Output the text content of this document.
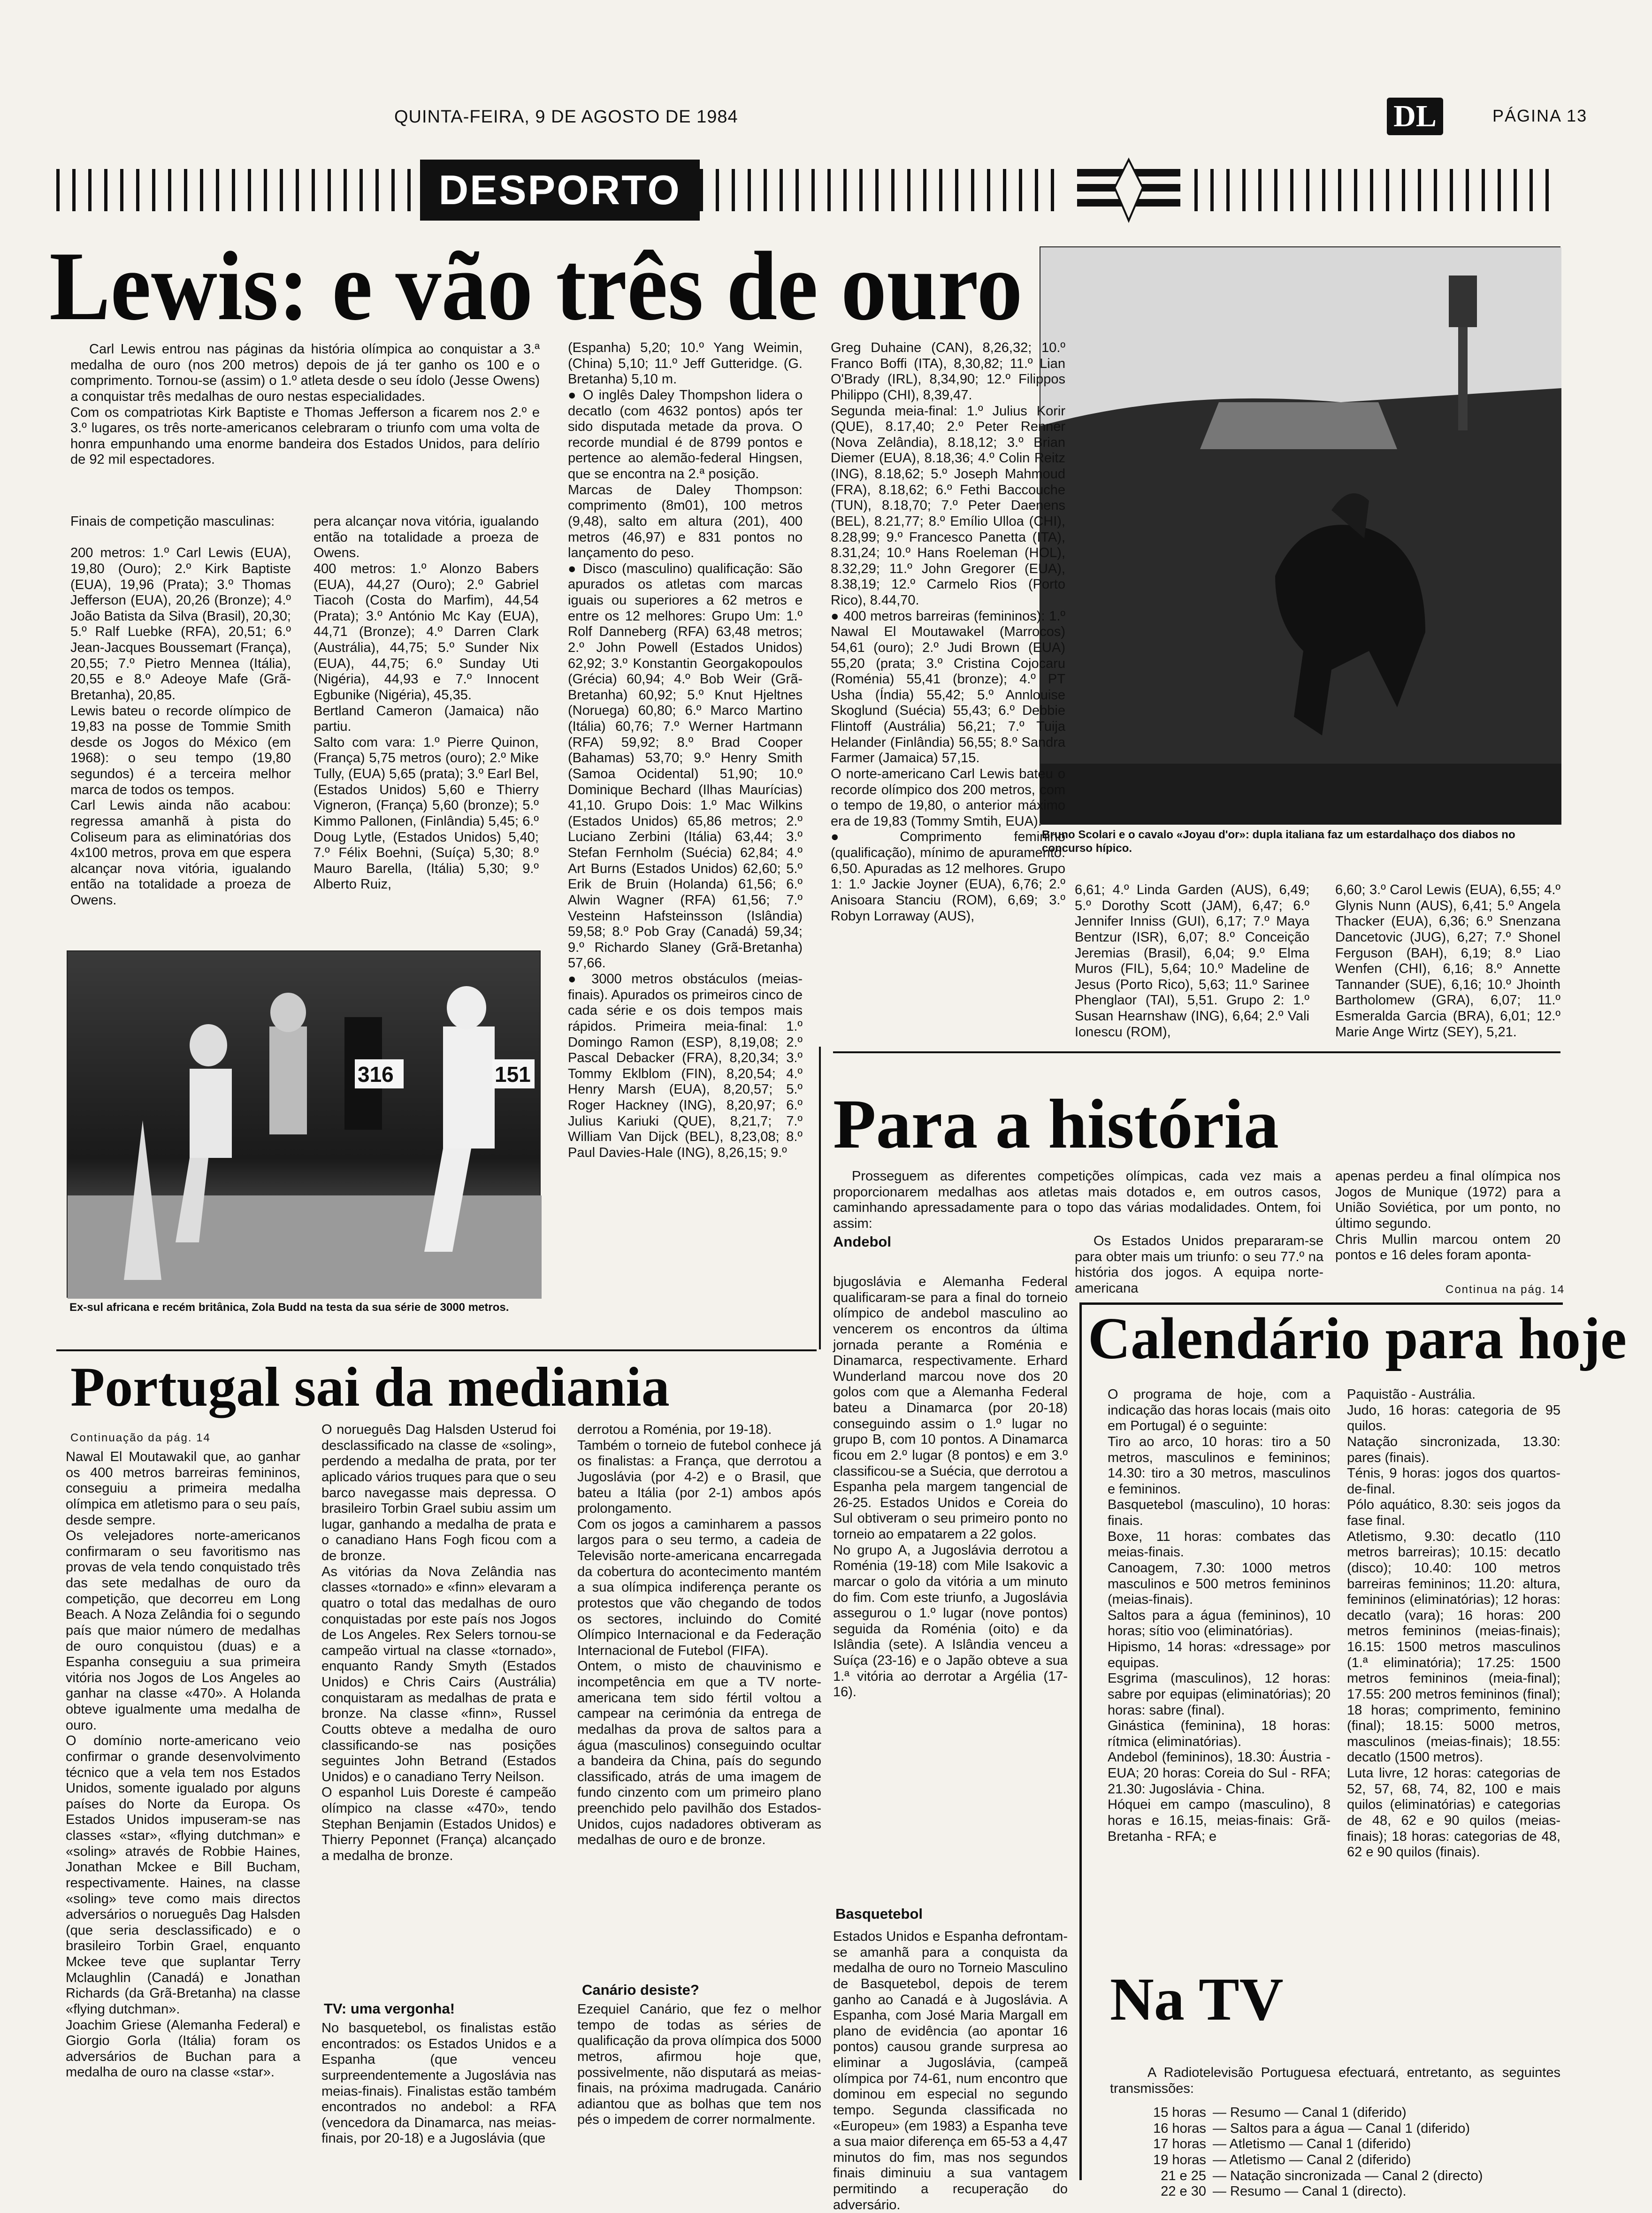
QUINTA-FEIRA, 9 DE AGOSTO DE 1984	DL	PÁGINA 13
DESPORTO
Lewis: e vão três de ouro
Bruno Scolari e o cavalo «Joyau d'or»: dupla italiana faz um estardalhaço dos diabos no concurso hípico.
Carl Lewis entrou nas páginas da história olímpica ao conquistar a 3.ª medalha de ouro (nos 200 metros) depois de já ter ganho os 100 e o comprimento. Tornou-se (assim) o 1.º atleta desde o seu ídolo (Jesse Owens) a conquistar três medalhas de ouro nestas especialidades.
Com os compatriotas Kirk Baptiste e Thomas Jefferson a ficarem nos 2.º e 3.º lugares, os três norte-americanos celebraram o triunfo com uma volta de honra empunhando uma enorme bandeira dos Estados Unidos, para delírio de 92 mil espectadores.
Finais de competição masculinas:

200 metros: 1.º Carl Lewis (EUA), 19,80 (Ouro); 2.º Kirk Baptiste (EUA), 19,96 (Prata); 3.º Thomas Jefferson (EUA), 20,26 (Bronze); 4.º João Batista da Silva (Brasil), 20,30; 5.º Ralf Luebke (RFA), 20,51; 6.º Jean-Jacques Boussemart (França), 20,55; 7.º Pietro Mennea (Itália), 20,55 e 8.º Adeoye Mafe (Grã-Bretanha), 20,85.
Lewis bateu o recorde olímpico de 19,83 na posse de Tommie Smith desde os Jogos do México (em 1968): o seu tempo (19,80 segundos) é a terceira melhor marca de todos os tempos.
Carl Lewis ainda não acabou: regressa amanhã à pista do Coliseum para as eliminatórias dos 4x100 metros, prova em que espera alcançar nova vitória, igualando então na totalidade a proeza de Owens.
pera alcançar nova vitória, igualando então na totalidade a proeza de Owens.
400 metros: 1.º Alonzo Babers (EUA), 44,27 (Ouro); 2.º Gabriel Tiacoh (Costa do Marfim), 44,54 (Prata); 3.º António Mc Kay (EUA), 44,71 (Bronze); 4.º Darren Clark (Austrália), 44,75; 5.º Sunder Nix (EUA), 44,75; 6.º Sunday Uti (Nigéria), 44,93 e 7.º Innocent Egbunike (Nigéria), 45,35.
Bertland Cameron (Jamaica) não partiu.
Salto com vara: 1.º Pierre Quinon, (França) 5,75 metros (ouro); 2.º Mike Tully, (EUA) 5,65 (prata); 3.º Earl Bel, (Estados Unidos) 5,60 e Thierry Vigneron, (França) 5,60 (bronze); 5.º Kimmo Pallonen, (Finlândia) 5,45; 6.º Doug Lytle, (Estados Unidos) 5,40; 7.º Félix Boehni, (Suíça) 5,30; 8.º Mauro Barella, (Itália) 5,30; 9.º Alberto Ruiz,
(Espanha) 5,20; 10.º Yang Weimin, (China) 5,10; 11.º Jeff Gutteridge. (G. Bretanha) 5,10 m.
● O inglês Daley Thompshon lidera o decatlo (com 4632 pontos) após ter sido disputada metade da prova. O recorde mundial é de 8799 pontos e pertence ao alemão-federal Hingsen, que se encontra na 2.ª posição.
Marcas de Daley Thompson: comprimento (8m01), 100 metros (9,48), salto em altura (201), 400 metros (46,97) e 831 pontos no lançamento do peso.
● Disco (masculino) qualificação: São apurados os atletas com marcas iguais ou superiores a 62 metros e entre os 12 melhores: Grupo Um: 1.º Rolf Danneberg (RFA) 63,48 metros; 2.º John Powell (Estados Unidos) 62,92; 3.º Konstantin Georgakopoulos (Grécia) 60,94; 4.º Bob Weir (Grã-Bretanha) 60,92; 5.º Knut Hjeltnes (Noruega) 60,80; 6.º Marco Martino (Itália) 60,76; 7.º Werner Hartmann (RFA) 59,92; 8.º Brad Cooper (Bahamas) 53,70; 9.º Henry Smith (Samoa Ocidental) 51,90; 10.º Dominique Bechard (Ilhas Maurícias) 41,10. Grupo Dois: 1.º Mac Wilkins (Estados Unidos) 65,86 metros; 2.º Luciano Zerbini (Itália) 63,44; 3.º Stefan Fernholm (Suécia) 62,84; 4.º Art Burns (Estados Unidos) 62,60; 5.º Erik de Bruin (Holanda) 61,56; 6.º Alwin Wagner (RFA) 61,56; 7.º Vesteinn Hafsteinsson (Islândia) 59,58; 8.º Pob Gray (Canadá) 59,34; 9.º Richardo Slaney (Grã-Bretanha) 57,66.
● 3000 metros obstáculos (meias-finais). Apurados os primeiros cinco de cada série e os dois tempos mais rápidos. Primeira meia-final: 1.º Domingo Ramon (ESP), 8,19,08; 2.º Pascal Debacker (FRA), 8,20,34; 3.º Tommy Eklblom (FIN), 8,20,54; 4.º Henry Marsh (EUA), 8,20,57; 5.º Roger Hackney (ING), 8,20,97; 6.º Julius Kariuki (QUE), 8,21,7; 7.º William Van Dijck (BEL), 8,23,08; 8.º Paul Davies-Hale (ING), 8,26,15; 9.º
Greg Duhaine (CAN), 8,26,32; 10.º Franco Boffi (ITA), 8,30,82; 11.º Lian O'Brady (IRL), 8,34,90; 12.º Filippos Philippo (CHI), 8,39,47.
Segunda meia-final: 1.º Julius Korir (QUE), 8.17,40; 2.º Peter Renner (Nova Zelândia), 8.18,12; 3.º Brian Diemer (EUA), 8.18,36; 4.º Colin Reitz (ING), 8.18,62; 5.º Joseph Mahmoud (FRA), 8.18,62; 6.º Fethi Baccouche (TUN), 8.18,70; 7.º Peter Daenens (BEL), 8.21,77; 8.º Emílio Ulloa (CHI), 8.28,99; 9.º Francesco Panetta (ITA), 8.31,24; 10.º Hans Roeleman (HOL), 8.32,29; 11.º John Gregorer (EUA), 8.38,19; 12.º Carmelo Rios (Porto Rico), 8.44,70.
● 400 metros barreiras (femininos): 1.º Nawal El Moutawakel (Marrocos) 54,61 (ouro); 2.º Judi Brown (EUA) 55,20 (prata; 3.º Cristina Cojocaru (Roménia) 55,41 (bronze); 4.º PT Usha (Índia) 55,42; 5.º Annlouise Skoglund (Suécia) 55,43; 6.º Debbie Flintoff (Austrália) 56,21; 7.º Tuija Helander (Finlândia) 56,55; 8.º Sandra Farmer (Jamaica) 57,15.
O norte-americano Carl Lewis bateu o recorde olímpico dos 200 metros, com o tempo de 19,80, o anterior máximo era de 19,83 (Tommy Smtih, EUA).
● Comprimento feminino (qualificação), mínimo de apuramento: 6,50. Apuradas as 12 melhores. Grupo 1: 1.º Jackie Joyner (EUA), 6,76; 2.º Anisoara Stanciu (ROM), 6,69; 3.º Robyn Lorraway (AUS),
6,61; 4.º Linda Garden (AUS), 6,49; 5.º Dorothy Scott (JAM), 6,47; 6.º Jennifer Inniss (GUI), 6,17; 7.º Maya Bentzur (ISR), 6,07; 8.º Conceição Jeremias (Brasil), 6,04; 9.º Elma Muros (FIL), 5,64; 10.º Madeline de Jesus (Porto Rico), 5,63; 11.º Sarinee Phenglaor (TAI), 5,51. Grupo 2: 1.º Susan Hearnshaw (ING), 6,64; 2.º Vali Ionescu (ROM),
6,60; 3.º Carol Lewis (EUA), 6,55; 4.º Glynis Nunn (AUS), 6,41; 5.º Angela Thacker (EUA), 6,36; 6.º Snenzana Dancetovic (JUG), 6,27; 7.º Shonel Ferguson (BAH), 6,19; 8.º Liao Wenfen (CHI), 6,16; 8.º Annette Tannander (SUE), 6,16; 10.º Jhointh Bartholomew (GRA), 6,07; 11.º Esmeralda Garcia (BRA), 6,01; 12.º Marie Ange Wirtz (SEY), 5,21.
316	151
Ex-sul africana e recém britânica, Zola Budd na testa da sua série de 3000 metros.
Para a história
Prosseguem as diferentes competições olímpicas, cada vez mais a proporcionarem medalhas aos atletas mais dotados e, em outros casos, caminhando apressadamente para o topo das várias modalidades. Ontem, foi assim:
apenas perdeu a final olímpica nos Jogos de Munique (1972) para a União Soviética, por um ponto, no último segundo.
Chris Mullin marcou ontem 20 pontos e 16 deles foram aponta-
Andebol	Os Estados Unidos prepararam-se para obter mais um triunfo: o seu 77.º na história dos jogos. A equipa norte-americana	Continua na pág. 14
Portugal sai da mediania
Continuação da pág. 14
Nawal El Moutawakil que, ao ganhar os 400 metros barreiras femininos, conseguiu a primeira medalha olímpica em atletismo para o seu país, desde sempre.
Os velejadores norte-americanos confirmaram o seu favoritismo nas provas de vela tendo conquistado três das sete medalhas de ouro da competição, que decorreu em Long Beach. A Noza Zelândia foi o segundo país que maior número de medalhas de ouro conquistou (duas) e a Espanha conseguiu a sua primeira vitória nos Jogos de Los Angeles ao ganhar na classe «470». A Holanda obteve igualmente uma medalha de ouro.
O domínio norte-americano veio confirmar o grande desenvolvimento técnico que a vela tem nos Estados Unidos, somente igualado por alguns países do Norte da Europa. Os Estados Unidos impuseram-se nas classes «star», «flying dutchman» e «soling» através de Robbie Haines, Jonathan Mckee e Bill Bucham, respectivamente. Haines, na classe «soling» teve como mais directos adversários o norueguês Dag Halsden (que seria desclassificado) e o brasileiro Torbin Grael, enquanto Mckee teve que suplantar Terry Mclaughlin (Canadá) e Jonathan Richards (da Grã-Bretanha) na classe «flying dutchman».
Joachim Griese (Alemanha Federal) e Giorgio Gorla (Itália) foram os adversários de Buchan para a medalha de ouro na classe «star».
O norueguês Dag Halsden Usterud foi desclassificado na classe de «soling», perdendo a medalha de prata, por ter aplicado vários truques para que o seu barco navegasse mais depressa. O brasileiro Torbin Grael subiu assim um lugar, ganhando a medalha de prata e o canadiano Hans Fogh ficou com a de bronze.
As vitórias da Nova Zelândia nas classes «tornado» e «finn» elevaram a quatro o total das medalhas de ouro conquistadas por este país nos Jogos de Los Angeles. Rex Selers tornou-se campeão virtual na classe «tornado», enquanto Randy Smyth (Estados Unidos) e Chris Cairs (Austrália) conquistaram as medalhas de prata e bronze. Na classe «finn», Russel Coutts obteve a medalha de ouro classificando-se nas posições seguintes John Betrand (Estados Unidos) e o canadiano Terry Neilson.
O espanhol Luis Doreste é campeão olímpico na classe «470», tendo Stephan Benjamin (Estados Unidos) e Thierry Peponnet (França) alcançado a medalha de bronze.
TV: uma vergonha!
No basquetebol, os finalistas estão encontrados: os Estados Unidos e a Espanha (que venceu surpreendentemente a Jugoslávia nas meias-finais). Finalistas estão também encontrados no andebol: a RFA (vencedora da Dinamarca, nas meias-finais, por 20-18) e a Jugoslávia (que
derrotou a Roménia, por 19-18).
Também o torneio de futebol conhece já os finalistas: a França, que derrotou a Jugoslávia (por 4-2) e o Brasil, que bateu a Itália (por 2-1) ambos após prolongamento.
Com os jogos a caminharem a passos largos para o seu termo, a cadeia de Televisão norte-americana encarregada da cobertura do acontecimento mantém a sua olímpica indiferença perante os protestos que vão chegando de todos os sectores, incluindo do Comité Olímpico Internacional e da Federação Internacional de Futebol (FIFA).
Ontem, o misto de chauvinismo e incompetência em que a TV norte-americana tem sido fértil voltou a campear na cerimónia da entrega de medalhas da prova de saltos para a água (masculinos) conseguindo ocultar a bandeira da China, país do segundo classificado, atrás de uma imagem de fundo cinzento com um primeiro plano preenchido pelo pavilhão dos Estados-Unidos, cujos nadadores obtiveram as medalhas de ouro e de bronze.
Canário desiste?
Ezequiel Canário, que fez o melhor tempo de todas as séries de qualificação da prova olímpica dos 5000 metros, afirmou hoje que, possivelmente, não disputará as meias-finais, na próxima madrugada. Canário adiantou que as bolhas que tem nos pés o impedem de correr normalmente.
bjugoslávia e Alemanha Federal qualificaram-se para a final do torneio olímpico de andebol masculino ao vencerem os encontros da última jornada perante a Roménia e Dinamarca, respectivamente. Erhard Wunderland marcou nove dos 20 golos com que a Alemanha Federal bateu a Dinamarca (por 20-18) conseguindo assim o 1.º lugar no grupo B, com 10 pontos. A Dinamarca ficou em 2.º lugar (8 pontos) e em 3.º classificou-se a Suécia, que derrotou a Espanha pela margem tangencial de 26-25. Estados Unidos e Coreia do Sul obtiveram o seu primeiro ponto no torneio ao empatarem a 22 golos.
No grupo A, a Jugoslávia derrotou a Roménia (19-18) com Mile Isakovic a marcar o golo da vitória a um minuto do fim. Com este triunfo, a Jugoslávia assegurou o 1.º lugar (nove pontos) seguida da Roménia (oito) e da Islândia (sete). A Islândia venceu a Suíça (23-16) e o Japão obteve a sua 1.ª vitória ao derrotar a Argélia (17-16).
Basquetebol
Estados Unidos e Espanha defrontam-se amanhã para a conquista da medalha de ouro no Torneio Masculino de Basquetebol, depois de terem ganho ao Canadá e à Jugoslávia. A Espanha, com José Maria Margall em plano de evidência (ao apontar 16 pontos) causou grande surpresa ao eliminar a Jugoslávia, (campeã olímpica por 74-61, num encontro que dominou em especial no segundo tempo. Segunda classificada no «Europeu» (em 1983) a Espanha teve a sua maior diferença em 65-53 a 4,47 minutos do fim, mas nos segundos finais diminuiu a sua vantagem permitindo a recuperação do adversário.
Calendário para hoje
O programa de hoje, com a indicação das horas locais (mais oito em Portugal) é o seguinte:
Tiro ao arco, 10 horas: tiro a 50 metros, masculinos e femininos; 14.30: tiro a 30 metros, masculinos e femininos.
Basquetebol (masculino), 10 horas: finais.
Boxe, 11 horas: combates das meias-finais.
Canoagem, 7.30: 1000 metros masculinos e 500 metros femininos (meias-finais).
Saltos para a água (femininos), 10 horas; sítio voo (eliminatórias).
Hipismo, 14 horas: «dressage» por equipas.
Esgrima (masculinos), 12 horas: sabre por equipas (eliminatórias); 20 horas: sabre (final).
Ginástica (feminina), 18 horas: rítmica (eliminatórias).
Andebol (femininos), 18.30: Áustria - EUA; 20 horas: Coreia do Sul - RFA; 21.30: Jugoslávia - China.
Hóquei em campo (masculino), 8 horas e 16.15, meias-finais: Grã-Bretanha - RFA; e
Paquistão - Austrália.
Judo, 16 horas: categoria de 95 quilos.
Natação sincronizada, 13.30: pares (finais).
Ténis, 9 horas: jogos dos quartos-de-final.
Pólo aquático, 8.30: seis jogos da fase final.
Atletismo, 9.30: decatlo (110 metros barreiras); 10.15: decatlo (disco); 10.40: 100 metros barreiras femininos; 11.20: altura, femininos (eliminatórias); 12 horas: decatlo (vara); 16 horas: 200 metros femininos (meias-finais); 16.15: 1500 metros masculinos (1.ª eliminatória); 17.25: 1500 metros femininos (meia-final); 17.55: 200 metros femininos (final); 18 horas; comprimento, feminino (final); 18.15: 5000 metros, masculinos (meias-finais); 18.55: decatlo (1500 metros).
Luta livre, 12 horas: categorias de 52, 57, 68, 74, 82, 100 e mais quilos (eliminatórias) e categorias de 48, 62 e 90 quilos (meias-finais); 18 horas: categorias de 48, 62 e 90 quilos (finais).
Na TV
A Radiotelevisão Portuguesa efectuará, entretanto, as seguintes transmissões:
15 horas — Resumo — Canal 1 (diferido)
16 horas — Saltos para a água — Canal 1 (diferido)
17 horas — Atletismo — Canal 1 (diferido)
19 horas — Atletismo — Canal 2 (diferido)
21 e 25 — Natação sincronizada — Canal 2 (directo)
22 e 30 — Resumo — Canal 1 (directo).
